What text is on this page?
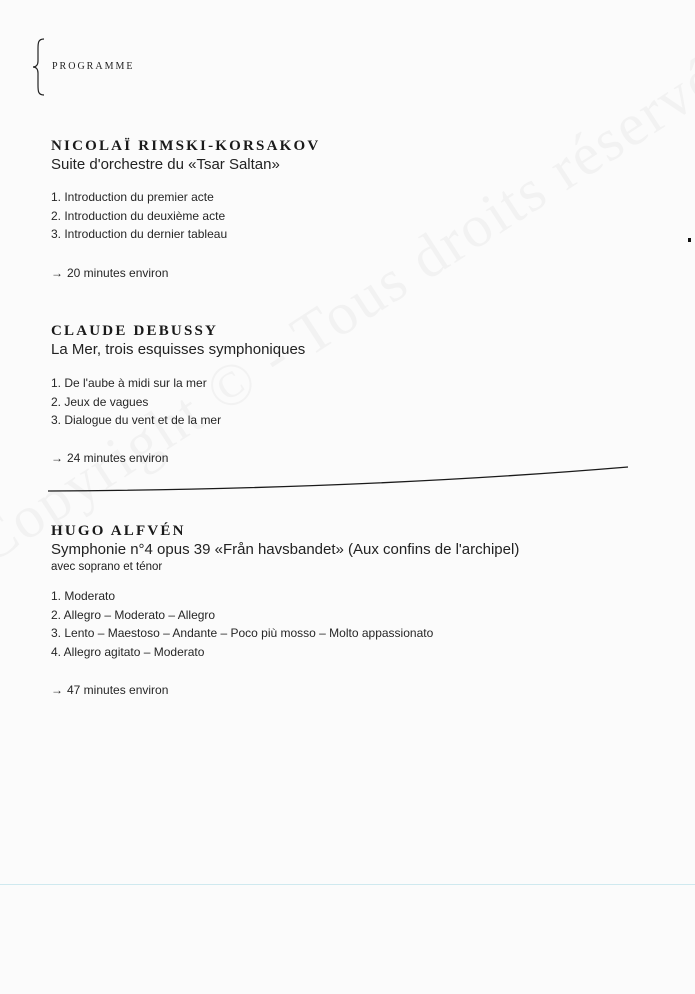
PROGRAMME

NICOLAÏ RIMSKI-KORSAKOV

Suite d'orchestre du «Tsar Saltan»

1. Introduction du premier acte
2. Introduction du deuxième acte
3. Introduction du dernier tableau
→ 20 minutes environ

CLAUDE DEBUSSY

La Mer, trois esquisses symphoniques

1. De l'aube à midi sur la mer
2. Jeux de vagues
3. Dialogue du vent et de la mer
→ 24 minutes environ

HUGO ALFVÉN

Symphonie n°4 opus 39 «Från havsbandet» (Aux confins de l'archipel)

avec soprano et ténor

1. Moderato
2. Allegro – Moderato – Allegro
3. Lento – Maestoso – Andante – Poco più mosso – Molto appassionato
4. Allegro agitato – Moderato
→ 47 minutes environ
